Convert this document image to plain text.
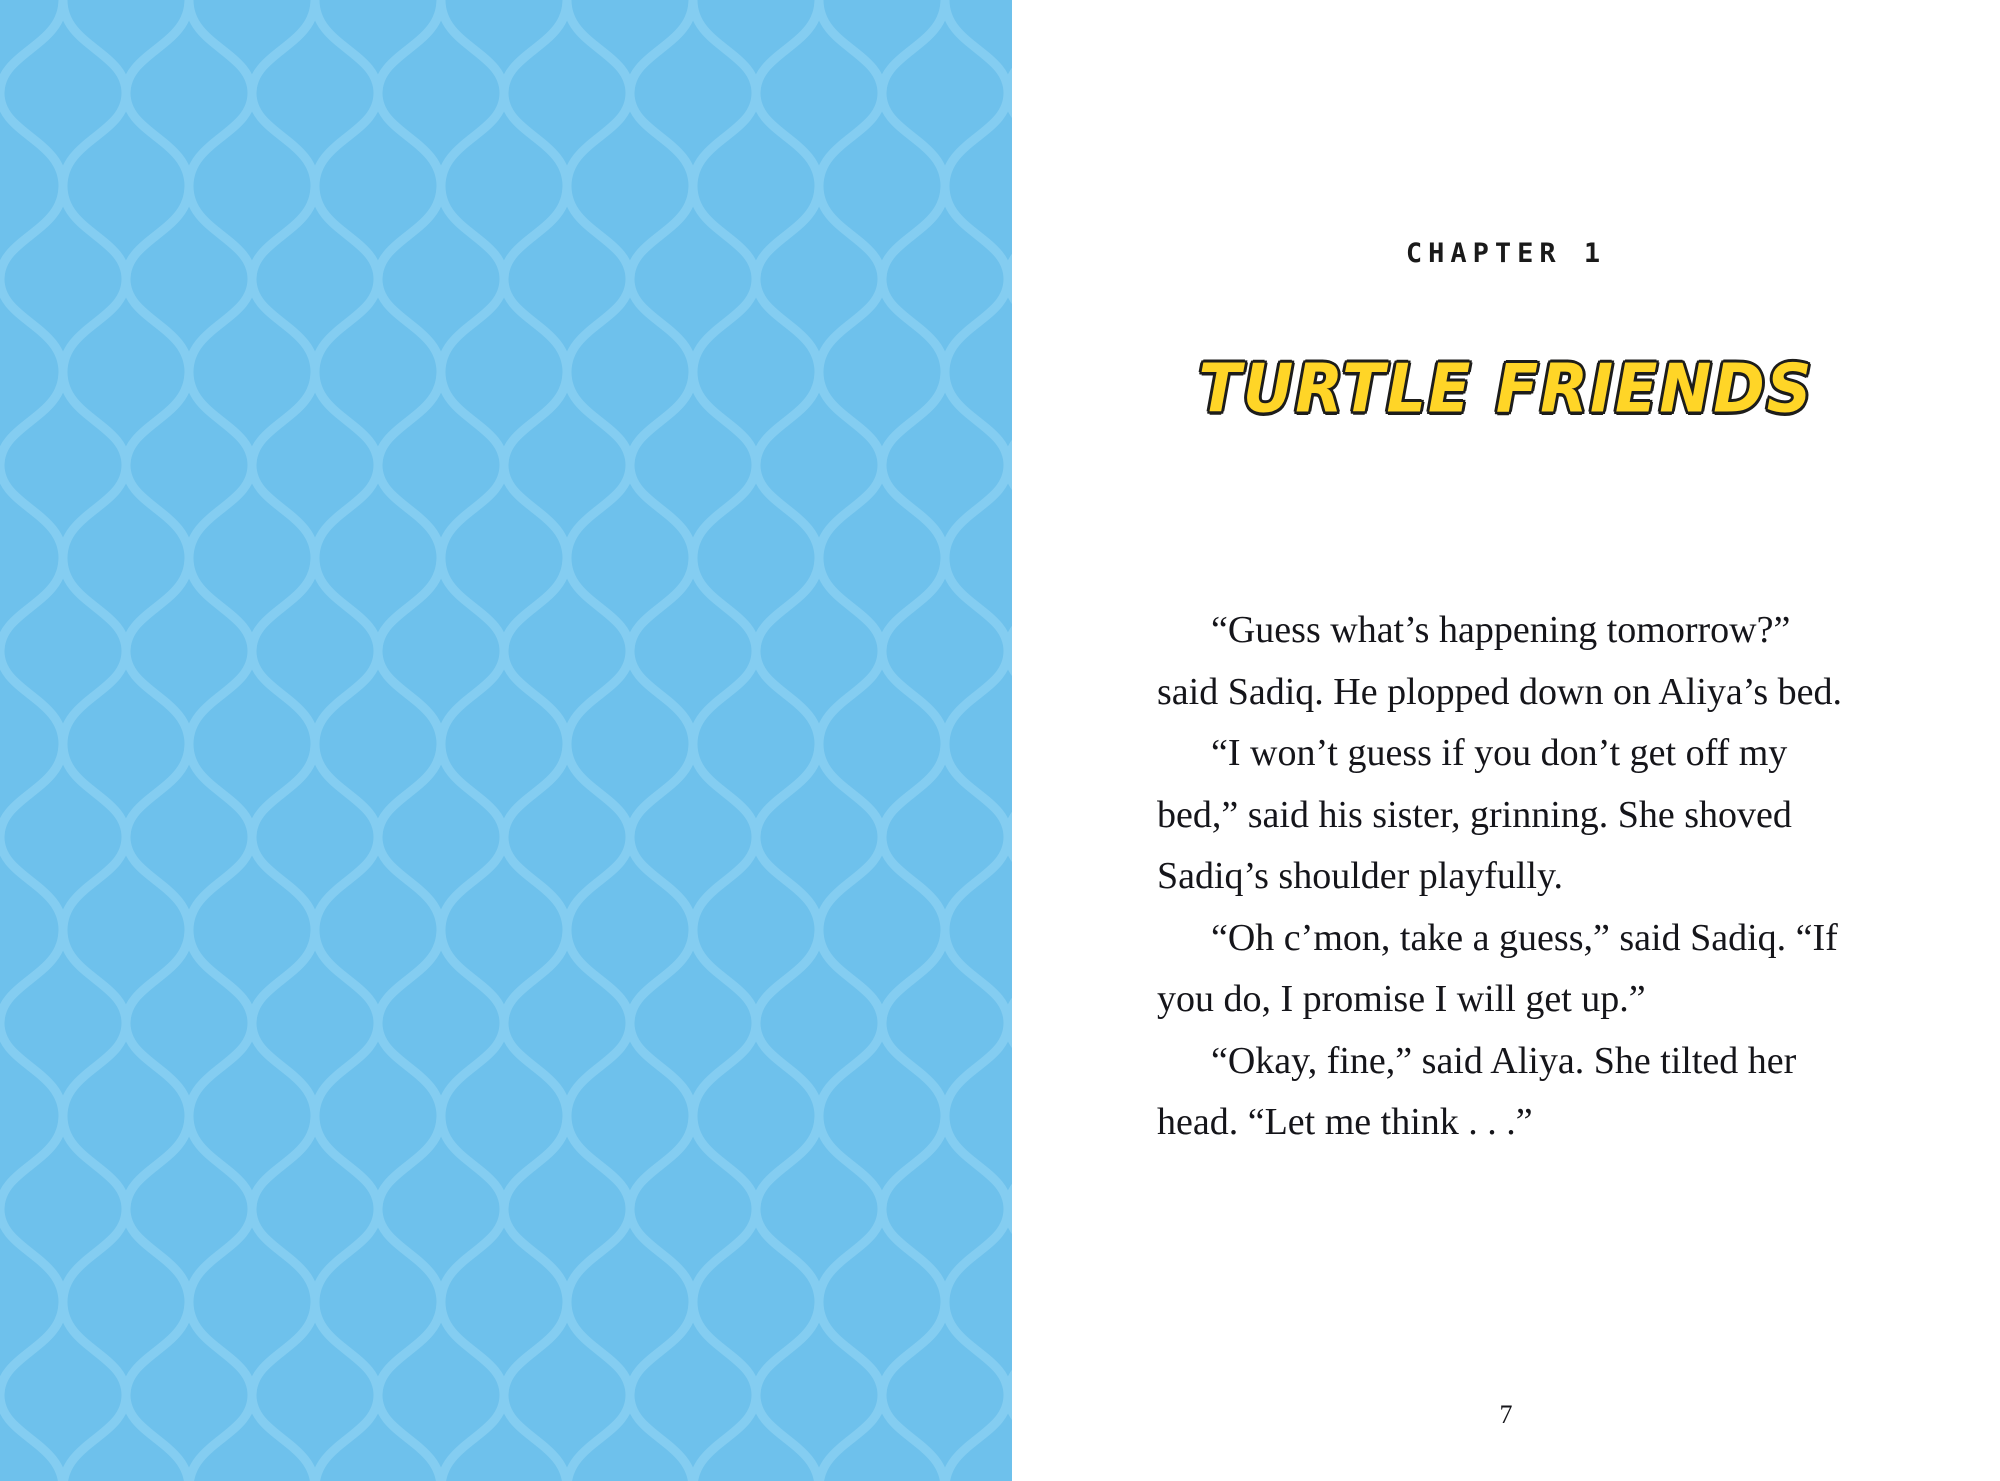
CHAPTER 1
TURTLE FRIENDS

“Guess what’s happening tomorrow?” said Sadiq. He plopped down on Aliya’s bed.

“I won’t guess if you don’t get off my bed,” said his sister, grinning. She shoved Sadiq’s shoulder playfully.

“Oh c’mon, take a guess,” said Sadiq. “If you do, I promise I will get up.”

“Okay, fine,” said Aliya. She tilted her head. “Let me think . . .”

7
